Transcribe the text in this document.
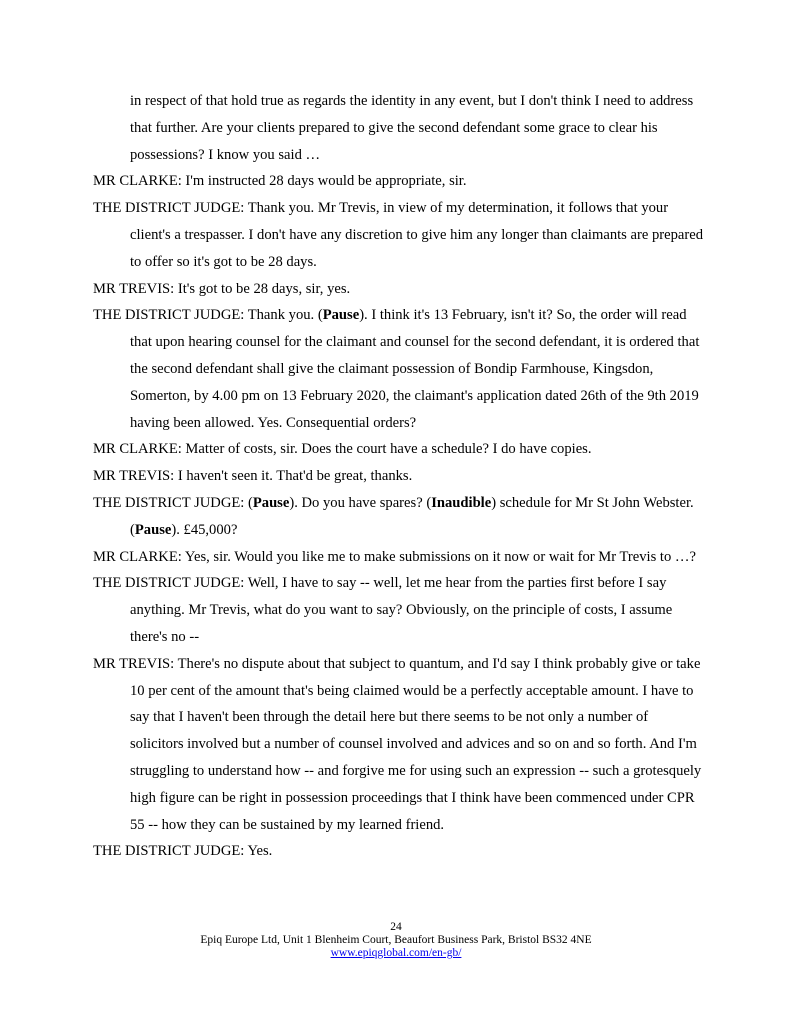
in respect of that hold true as regards the identity in any event, but I don't think I need to address that further. Are your clients prepared to give the second defendant some grace to clear his possessions? I know you said …

MR CLARKE: I'm instructed 28 days would be appropriate, sir.

THE DISTRICT JUDGE: Thank you. Mr Trevis, in view of my determination, it follows that your client's a trespasser. I don't have any discretion to give him any longer than claimants are prepared to offer so it's got to be 28 days.

MR TREVIS: It's got to be 28 days, sir, yes.

THE DISTRICT JUDGE: Thank you. (Pause). I think it's 13 February, isn't it? So, the order will read that upon hearing counsel for the claimant and counsel for the second defendant, it is ordered that the second defendant shall give the claimant possession of Bondip Farmhouse, Kingsdon, Somerton, by 4.00 pm on 13 February 2020, the claimant's application dated 26th of the 9th 2019 having been allowed. Yes. Consequential orders?

MR CLARKE: Matter of costs, sir. Does the court have a schedule? I do have copies.

MR TREVIS: I haven't seen it. That'd be great, thanks.

THE DISTRICT JUDGE: (Pause). Do you have spares? (Inaudible) schedule for Mr St John Webster. (Pause). £45,000?

MR CLARKE: Yes, sir. Would you like me to make submissions on it now or wait for Mr Trevis to …?

THE DISTRICT JUDGE: Well, I have to say -- well, let me hear from the parties first before I say anything. Mr Trevis, what do you want to say? Obviously, on the principle of costs, I assume there's no --

MR TREVIS: There's no dispute about that subject to quantum, and I'd say I think probably give or take 10 per cent of the amount that's being claimed would be a perfectly acceptable amount. I have to say that I haven't been through the detail here but there seems to be not only a number of solicitors involved but a number of counsel involved and advices and so on and so forth. And I'm struggling to understand how -- and forgive me for using such an expression -- such a grotesquely high figure can be right in possession proceedings that I think have been commenced under CPR 55 -- how they can be sustained by my learned friend.

THE DISTRICT JUDGE: Yes.

24
Epiq Europe Ltd, Unit 1 Blenheim Court, Beaufort Business Park, Bristol BS32 4NE
www.epiqglobal.com/en-gb/
